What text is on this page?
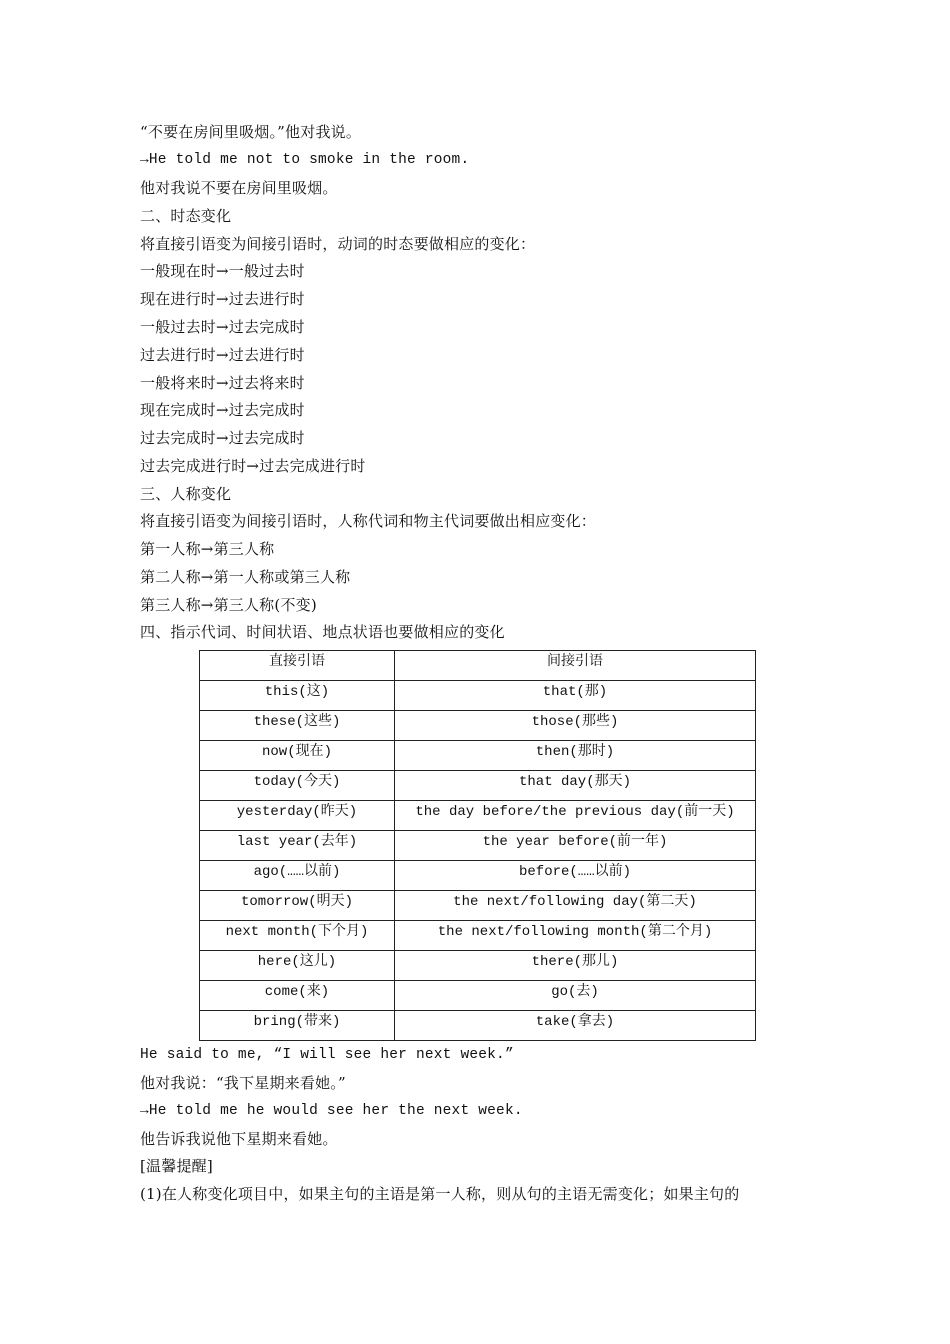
“不要在房间里吸烟。”他对我说。
→He told me not to smoke in the room.
他对我说不要在房间里吸烟。
二、时态变化
将直接引语变为间接引语时，动词的时态要做相应的变化：
一般现在时→一般过去时
现在进行时→过去进行时
一般过去时→过去完成时
过去进行时→过去进行时
一般将来时→过去将来时
现在完成时→过去完成时
过去完成时→过去完成时
过去完成进行时→过去完成进行时
三、人称变化
将直接引语变为间接引语时，人称代词和物主代词要做出相应变化：
第一人称→第三人称
第二人称→第一人称或第三人称
第三人称→第三人称(不变)
四、指示代词、时间状语、地点状语也要做相应的变化
直接引语	间接引语
this(这)	that(那)
these(这些)	those(那些)
now(现在)	then(那时)
today(今天)	that day(那天)
yesterday(昨天)	the day before/the previous day(前一天)
last year(去年)	the year before(前一年)
ago(……以前)	before(……以前)
tomorrow(明天)	the next/following day(第二天)
next month(下个月)	the next/following month(第二个月)
here(这儿)	there(那儿)
come(来)	go(去)
bring(带来)	take(拿去)
He said to me, “I will see her next week.”
他对我说：“我下星期来看她。”
→He told me he would see her the next week.
他告诉我说他下星期来看她。
[温馨提醒]
(1)在人称变化项目中，如果主句的主语是第一人称，则从句的主语无需变化；如果主句的
